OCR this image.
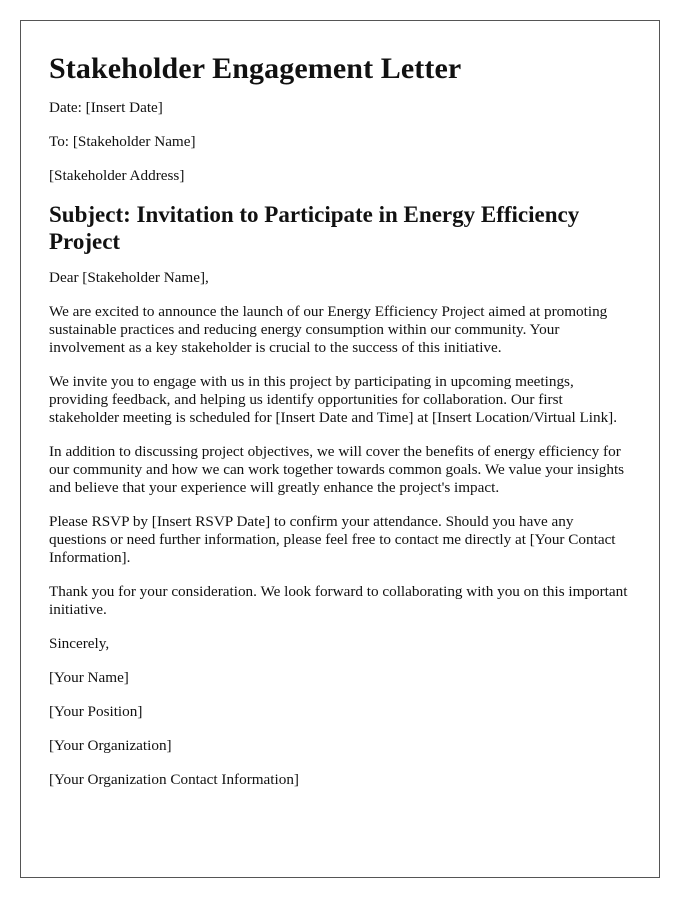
Stakeholder Engagement Letter

Date: [Insert Date]

To: [Stakeholder Name]

[Stakeholder Address]

Subject: Invitation to Participate in Energy Efficiency Project

Dear [Stakeholder Name],

We are excited to announce the launch of our Energy Efficiency Project aimed at promoting sustainable practices and reducing energy consumption within our community. Your involvement as a key stakeholder is crucial to the success of this initiative.

We invite you to engage with us in this project by participating in upcoming meetings, providing feedback, and helping us identify opportunities for collaboration. Our first stakeholder meeting is scheduled for [Insert Date and Time] at [Insert Location/Virtual Link].

In addition to discussing project objectives, we will cover the benefits of energy efficiency for our community and how we can work together towards common goals. We value your insights and believe that your experience will greatly enhance the project's impact.

Please RSVP by [Insert RSVP Date] to confirm your attendance. Should you have any questions or need further information, please feel free to contact me directly at [Your Contact Information].

Thank you for your consideration. We look forward to collaborating with you on this important initiative.

Sincerely,

[Your Name]

[Your Position]

[Your Organization]

[Your Organization Contact Information]
